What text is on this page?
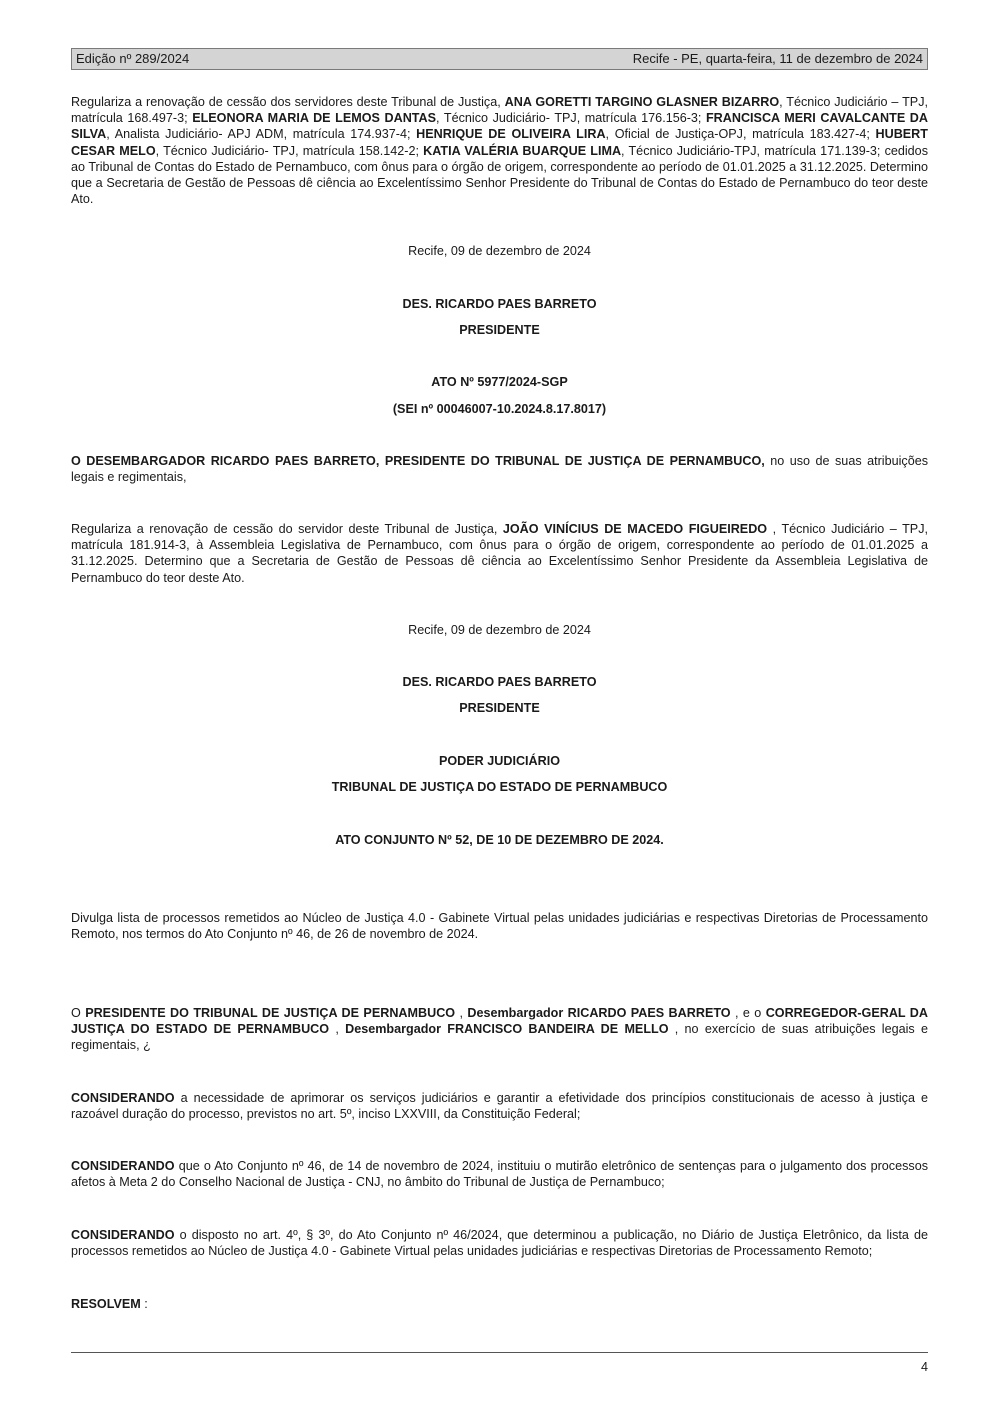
Edição nº 289/2024	Recife - PE, quarta-feira, 11 de dezembro de 2024
Regulariza a renovação de cessão dos servidores deste Tribunal de Justiça, ANA GORETTI TARGINO GLASNER BIZARRO, Técnico Judiciário – TPJ, matrícula 168.497-3; ELEONORA MARIA DE LEMOS DANTAS, Técnico Judiciário- TPJ, matrícula 176.156-3; FRANCISCA MERI CAVALCANTE DA SILVA, Analista Judiciário- APJ ADM, matrícula 174.937-4; HENRIQUE DE OLIVEIRA LIRA, Oficial de Justiça-OPJ, matrícula 183.427-4; HUBERT CESAR MELO, Técnico Judiciário- TPJ, matrícula 158.142-2; KATIA VALÉRIA BUARQUE LIMA, Técnico Judiciário-TPJ, matrícula 171.139-3; cedidos ao Tribunal de Contas do Estado de Pernambuco, com ônus para o órgão de origem, correspondente ao período de 01.01.2025 a 31.12.2025. Determino que a Secretaria de Gestão de Pessoas dê ciência ao Excelentíssimo Senhor Presidente do Tribunal de Contas do Estado de Pernambuco do teor deste Ato.
Recife, 09 de dezembro de 2024
DES. RICARDO PAES BARRETO
PRESIDENTE
ATO Nº 5977/2024-SGP
(SEI nº 00046007-10.2024.8.17.8017)
O DESEMBARGADOR RICARDO PAES BARRETO, PRESIDENTE DO TRIBUNAL DE JUSTIÇA DE PERNAMBUCO, no uso de suas atribuições legais e regimentais,
Regulariza a renovação de cessão do servidor deste Tribunal de Justiça, JOÃO VINÍCIUS DE MACEDO FIGUEIREDO , Técnico Judiciário – TPJ, matrícula 181.914-3, à Assembleia Legislativa de Pernambuco, com ônus para o órgão de origem, correspondente ao período de 01.01.2025 a 31.12.2025. Determino que a Secretaria de Gestão de Pessoas dê ciência ao Excelentíssimo Senhor Presidente da Assembleia Legislativa de Pernambuco do teor deste Ato.
Recife, 09 de dezembro de 2024
DES. RICARDO PAES BARRETO
PRESIDENTE
PODER JUDICIÁRIO
TRIBUNAL DE JUSTIÇA DO ESTADO DE PERNAMBUCO
ATO CONJUNTO Nº 52, DE 10 DE DEZEMBRO DE 2024.
Divulga lista de processos remetidos ao Núcleo de Justiça 4.0 - Gabinete Virtual pelas unidades judiciárias e respectivas Diretorias de Processamento Remoto, nos termos do Ato Conjunto nº 46, de 26 de novembro de 2024.
O PRESIDENTE DO TRIBUNAL DE JUSTIÇA DE PERNAMBUCO , Desembargador RICARDO PAES BARRETO , e o CORREGEDOR-GERAL DA JUSTIÇA DO ESTADO DE PERNAMBUCO , Desembargador FRANCISCO BANDEIRA DE MELLO , no exercício de suas atribuições legais e regimentais, ¿
CONSIDERANDO a necessidade de aprimorar os serviços judiciários e garantir a efetividade dos princípios constitucionais de acesso à justiça e razoável duração do processo, previstos no art. 5º, inciso LXXVIII, da Constituição Federal;
CONSIDERANDO que o Ato Conjunto nº 46, de 14 de novembro de 2024, instituiu o mutirão eletrônico de sentenças para o julgamento dos processos afetos à Meta 2 do Conselho Nacional de Justiça - CNJ, no âmbito do Tribunal de Justiça de Pernambuco;
CONSIDERANDO o disposto no art. 4º, § 3º, do Ato Conjunto nº 46/2024, que determinou a publicação, no Diário de Justiça Eletrônico, da lista de processos remetidos ao Núcleo de Justiça 4.0 - Gabinete Virtual pelas unidades judiciárias e respectivas Diretorias de Processamento Remoto;
RESOLVEM :
4
